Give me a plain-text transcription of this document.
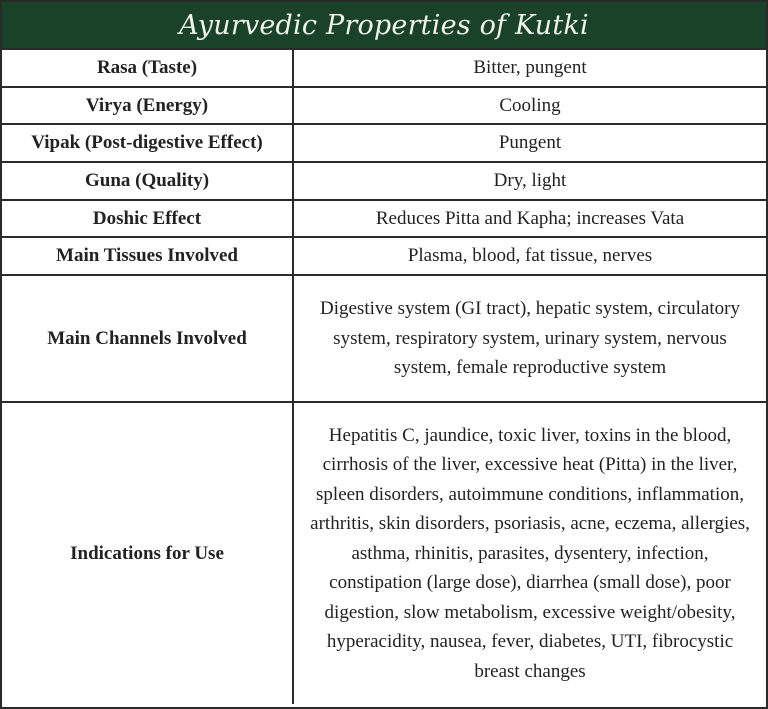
Ayurvedic Properties of Kutki
Rasa (Taste)	Bitter, pungent
Virya (Energy)	Cooling
Vipak (Post-digestive Effect)	Pungent
Guna (Quality)	Dry, light
Doshic Effect	Reduces Pitta and Kapha; increases Vata
Main Tissues Involved	Plasma, blood, fat tissue, nerves
Main Channels Involved	Digestive system (GI tract), hepatic system, circulatory system, respiratory system, urinary system, nervous system, female reproductive system
Indications for Use	Hepatitis C, jaundice, toxic liver, toxins in the blood, cirrhosis of the liver, excessive heat (Pitta) in the liver, spleen disorders, autoimmune conditions, inflammation, arthritis, skin disorders, psoriasis, acne, eczema, allergies, asthma, rhinitis, parasites, dysentery, infection, constipation (large dose), diarrhea (small dose), poor digestion, slow metabolism, excessive weight/obesity, hyperacidity, nausea, fever, diabetes, UTI, fibrocystic breast changes
